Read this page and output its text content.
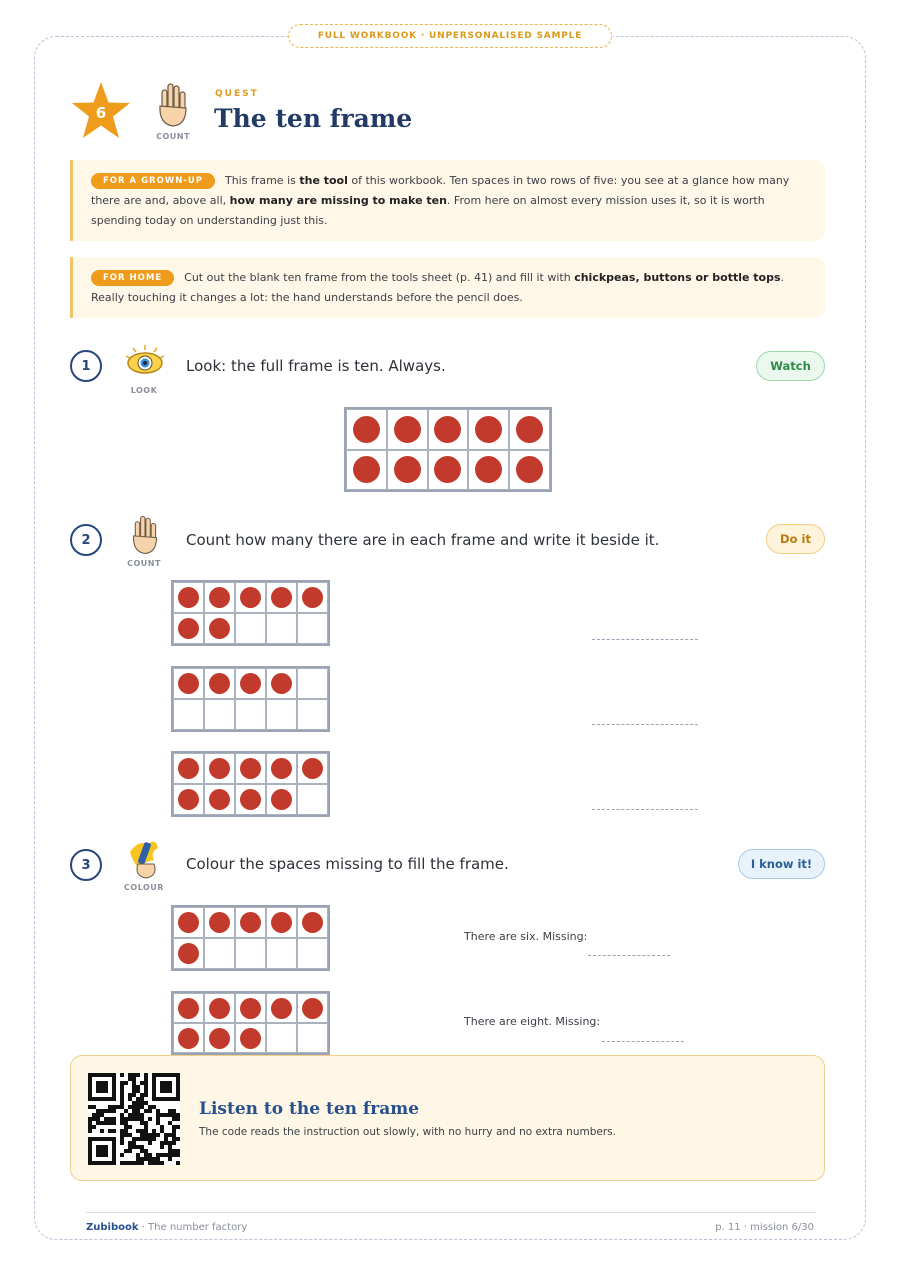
FULL WORKBOOK · UNPERSONALISED SAMPLE
6
COUNT
QUEST
The ten frame
FOR A GROWN-UP This frame is the tool of this workbook. Ten spaces in two rows of five: you see at a glance how many there are and, above all, how many are missing to make ten. From here on almost every mission uses it, so it is worth spending today on understanding just this.
FOR HOME Cut out the blank ten frame from the tools sheet (p. 41) and fill it with chickpeas, buttons or bottle tops. Really touching it changes a lot: the hand understands before the pencil does.
1
LOOK
Look: the full frame is ten. Always.	Watch
2
COUNT
Count how many there are in each frame and write it beside it.	Do it
3
COLOUR
Colour the spaces missing to fill the frame.	I know it!
There are six. Missing:
There are eight. Missing:
Listen to the ten frame
The code reads the instruction out slowly, with no hurry and no extra numbers.
Zubibook · The number factory	p. 11 · mission 6/30
